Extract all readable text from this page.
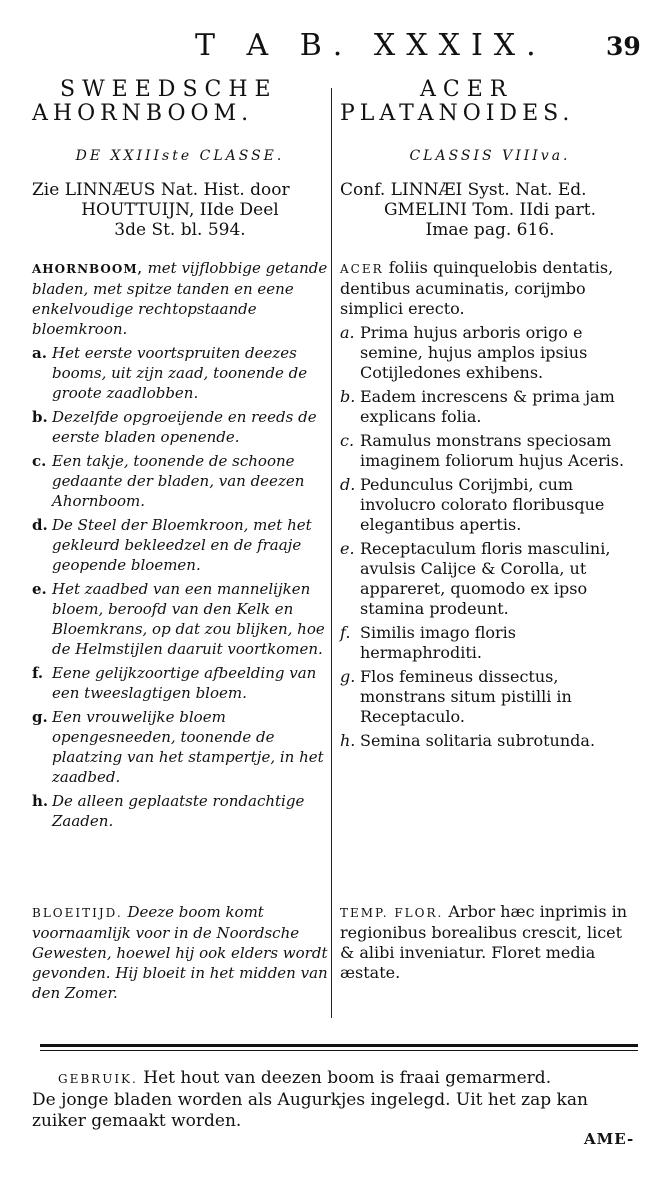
T A B. XXXIX. 39
SWEEDSCHE
AHORNBOOM.
DE XXIIIste CLASSE.
Zie LINNÆUS Nat. Hist. door
HOUTTUIJN, IIde Deel
3de St. bl. 594.
AHORNBOOM, met vijflobbige getande bladen, met spitze tanden en eene enkelvoudige rechtopstaande bloemkroon.
a. Het eerste voortspruiten deezes booms, uit zijn zaad, toonende de groote zaadlobben.
b. Dezelfde opgroeijende en reeds de eerste bladen openende.
c. Een takje, toonende de schoone gedaante der bladen, van deezen Ahornboom.
d. De Steel der Bloemkroon, met het gekleurd bekleedzel en de fraaje geopende bloemen.
e. Het zaadbed van een mannelijken bloem, beroofd van den Kelk en Bloemkrans, op dat zou blijken, hoe de Helmstijlen daaruit voortkomen.
f. Eene gelijkzoortige afbeelding van een tweeslagtigen bloem.
g. Een vrouwelijke bloem opengesneeden, toonende de plaatzing van het stampertje, in het zaadbed.
h. De alleen geplaatste rondachtige Zaaden.
ACER
PLATANOIDES.
CLASSIS VIIIva.
Conf. LINNÆI Syst. Nat. Ed.
GMELINI Tom. IIdi part.
Imae pag. 616.
ACER foliis quinquelobis dentatis, dentibus acuminatis, corijmbo simplici erecto.
a. Prima hujus arboris origo e semine, hujus amplos ipsius Cotijledones exhibens.
b. Eadem increscens & prima jam explicans folia.
c. Ramulus monstrans speciosam imaginem foliorum hujus Aceris.
d. Pedunculus Corijmbi, cum involucro colorato floribusque elegantibus apertis.
e. Receptaculum floris masculini, avulsis Calijce & Corolla, ut appareret, quomodo ex ipso stamina prodeunt.
f. Similis imago floris hermaphroditi.
g. Flos femineus dissectus, monstrans situm pistilli in Receptaculo.
h. Semina solitaria subrotunda.
BLOEITIJD. Deeze boom komt voornaamlijk voor in de Noordsche Gewesten, hoewel hij ook elders wordt gevonden. Hij bloeit in het midden van den Zomer.
TEMP. FLOR. Arbor hæc inprimis in regionibus borealibus crescit, licet & alibi inveniatur. Floret media æstate.
GEBRUIK. Het hout van deezen boom is fraai gemarmerd.
De jonge bladen worden als Augurkjes ingelegd. Uit het zap kan zuiker gemaakt worden.
AME-
